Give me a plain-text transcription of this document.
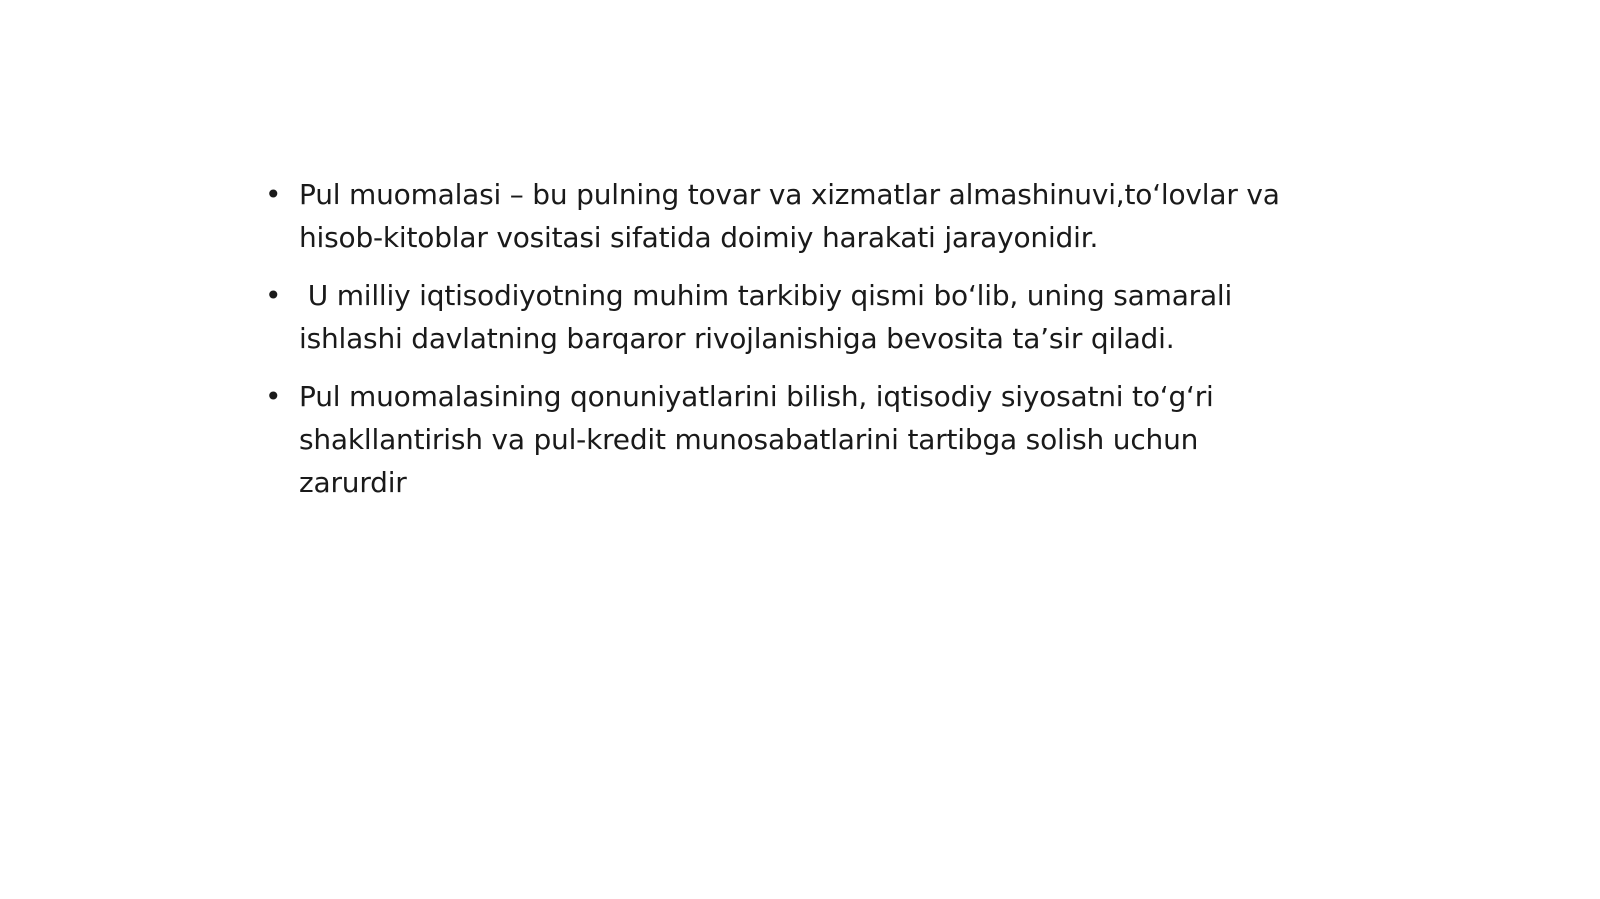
• Pul muomalasi – bu pulning tovar va xizmatlar almashinuvi,to‘lovlar va hisob-kitoblar vositasi sifatida doimiy harakati jarayonidir.
• U milliy iqtisodiyotning muhim tarkibiy qismi bo‘lib, uning samarali ishlashi davlatning barqaror rivojlanishiga bevosita ta’sir qiladi.
• Pul muomalasining qonuniyatlarini bilish, iqtisodiy siyosatni to‘g‘ri shakllantirish va pul-kredit munosabatlarini tartibga solish uchun zarurdir
